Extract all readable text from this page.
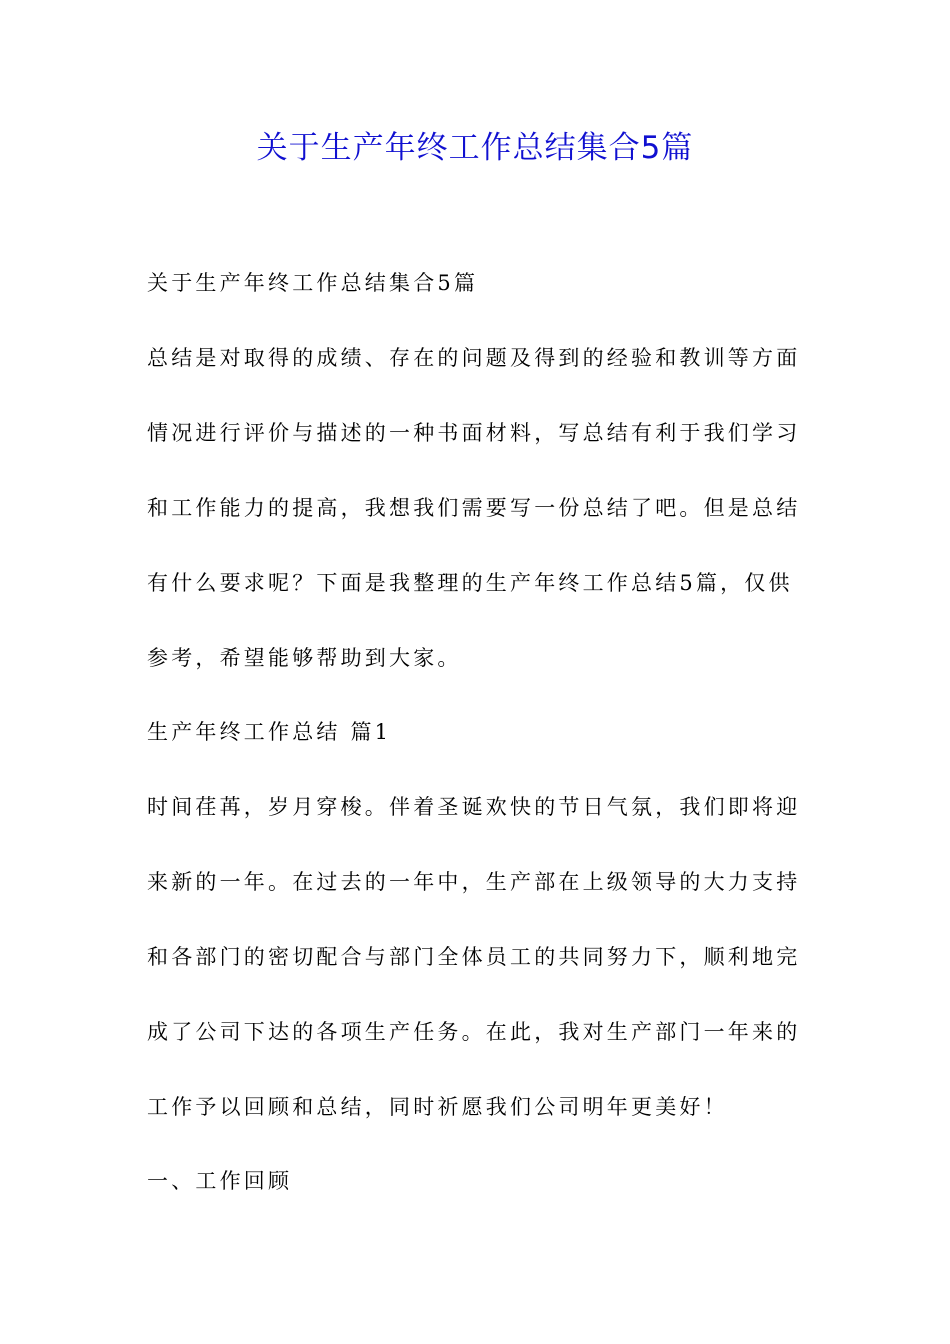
关于生产年终工作总结集合5篇
关于生产年终工作总结集合5篇
总结是对取得的成绩、存在的问题及得到的经验和教训等方面
情况进行评价与描述的一种书面材料，写总结有利于我们学习
和工作能力的提高，我想我们需要写一份总结了吧。但是总结
有什么要求呢？下面是我整理的生产年终工作总结5篇，仅供
参考，希望能够帮助到大家。
生产年终工作总结 篇1
时间荏苒，岁月穿梭。伴着圣诞欢快的节日气氛，我们即将迎
来新的一年。在过去的一年中，生产部在上级领导的大力支持
和各部门的密切配合与部门全体员工的共同努力下，顺利地完
成了公司下达的各项生产任务。在此，我对生产部门一年来的
工作予以回顾和总结，同时祈愿我们公司明年更美好！
一、工作回顾
